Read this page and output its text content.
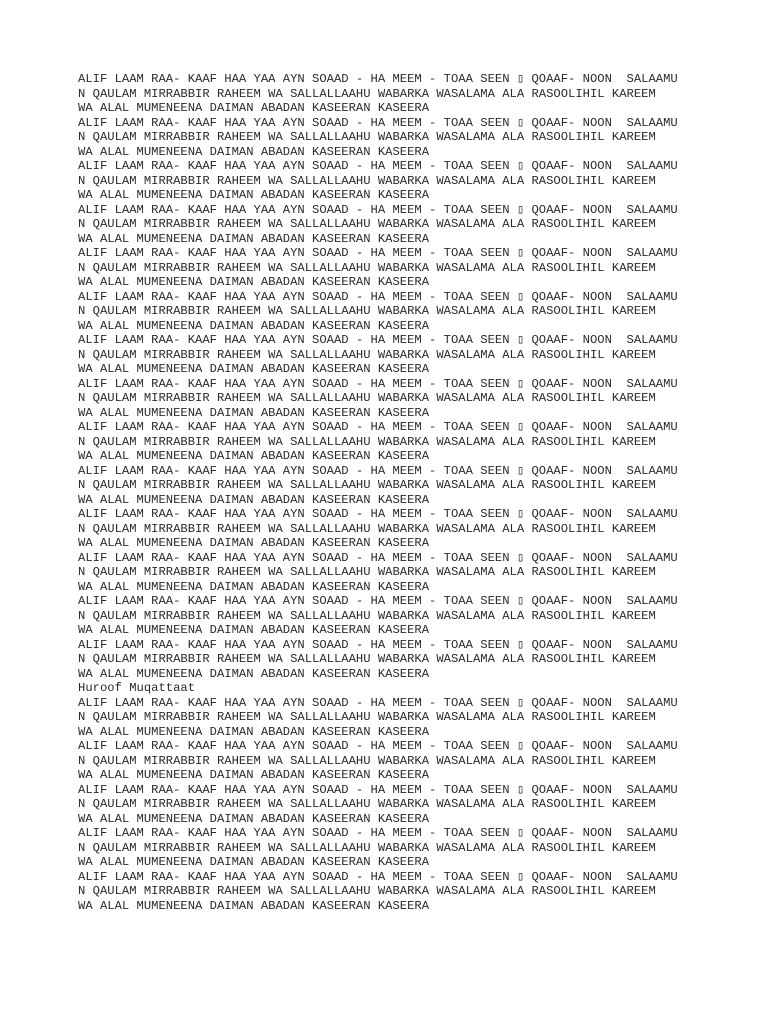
ALIF LAAM RAA- KAAF HAA YAA AYN SOAAD - HA MEEM - TOAA SEEN ▯ QOAAF- NOON  SALAAMU
N QAULAM MIRRABBIR RAHEEM WA SALLALLAAHU WABARKA WASALAMA ALA RASOOLIHIL KAREEM
WA ALAL MUMENEENA DAIMAN ABADAN KASEERAN KASEERA
ALIF LAAM RAA- KAAF HAA YAA AYN SOAAD - HA MEEM - TOAA SEEN ▯ QOAAF- NOON  SALAAMU
N QAULAM MIRRABBIR RAHEEM WA SALLALLAAHU WABARKA WASALAMA ALA RASOOLIHIL KAREEM
WA ALAL MUMENEENA DAIMAN ABADAN KASEERAN KASEERA
ALIF LAAM RAA- KAAF HAA YAA AYN SOAAD - HA MEEM - TOAA SEEN ▯ QOAAF- NOON  SALAAMU
N QAULAM MIRRABBIR RAHEEM WA SALLALLAAHU WABARKA WASALAMA ALA RASOOLIHIL KAREEM
WA ALAL MUMENEENA DAIMAN ABADAN KASEERAN KASEERA
ALIF LAAM RAA- KAAF HAA YAA AYN SOAAD - HA MEEM - TOAA SEEN ▯ QOAAF- NOON  SALAAMU
N QAULAM MIRRABBIR RAHEEM WA SALLALLAAHU WABARKA WASALAMA ALA RASOOLIHIL KAREEM
WA ALAL MUMENEENA DAIMAN ABADAN KASEERAN KASEERA
ALIF LAAM RAA- KAAF HAA YAA AYN SOAAD - HA MEEM - TOAA SEEN ▯ QOAAF- NOON  SALAAMU
N QAULAM MIRRABBIR RAHEEM WA SALLALLAAHU WABARKA WASALAMA ALA RASOOLIHIL KAREEM
WA ALAL MUMENEENA DAIMAN ABADAN KASEERAN KASEERA
ALIF LAAM RAA- KAAF HAA YAA AYN SOAAD - HA MEEM - TOAA SEEN ▯ QOAAF- NOON  SALAAMU
N QAULAM MIRRABBIR RAHEEM WA SALLALLAAHU WABARKA WASALAMA ALA RASOOLIHIL KAREEM
WA ALAL MUMENEENA DAIMAN ABADAN KASEERAN KASEERA
ALIF LAAM RAA- KAAF HAA YAA AYN SOAAD - HA MEEM - TOAA SEEN ▯ QOAAF- NOON  SALAAMU
N QAULAM MIRRABBIR RAHEEM WA SALLALLAAHU WABARKA WASALAMA ALA RASOOLIHIL KAREEM
WA ALAL MUMENEENA DAIMAN ABADAN KASEERAN KASEERA
ALIF LAAM RAA- KAAF HAA YAA AYN SOAAD - HA MEEM - TOAA SEEN ▯ QOAAF- NOON  SALAAMU
N QAULAM MIRRABBIR RAHEEM WA SALLALLAAHU WABARKA WASALAMA ALA RASOOLIHIL KAREEM
WA ALAL MUMENEENA DAIMAN ABADAN KASEERAN KASEERA
ALIF LAAM RAA- KAAF HAA YAA AYN SOAAD - HA MEEM - TOAA SEEN ▯ QOAAF- NOON  SALAAMU
N QAULAM MIRRABBIR RAHEEM WA SALLALLAAHU WABARKA WASALAMA ALA RASOOLIHIL KAREEM
WA ALAL MUMENEENA DAIMAN ABADAN KASEERAN KASEERA
ALIF LAAM RAA- KAAF HAA YAA AYN SOAAD - HA MEEM - TOAA SEEN ▯ QOAAF- NOON  SALAAMU
N QAULAM MIRRABBIR RAHEEM WA SALLALLAAHU WABARKA WASALAMA ALA RASOOLIHIL KAREEM
WA ALAL MUMENEENA DAIMAN ABADAN KASEERAN KASEERA
ALIF LAAM RAA- KAAF HAA YAA AYN SOAAD - HA MEEM - TOAA SEEN ▯ QOAAF- NOON  SALAAMU
N QAULAM MIRRABBIR RAHEEM WA SALLALLAAHU WABARKA WASALAMA ALA RASOOLIHIL KAREEM
WA ALAL MUMENEENA DAIMAN ABADAN KASEERAN KASEERA
ALIF LAAM RAA- KAAF HAA YAA AYN SOAAD - HA MEEM - TOAA SEEN ▯ QOAAF- NOON  SALAAMU
N QAULAM MIRRABBIR RAHEEM WA SALLALLAAHU WABARKA WASALAMA ALA RASOOLIHIL KAREEM
WA ALAL MUMENEENA DAIMAN ABADAN KASEERAN KASEERA
ALIF LAAM RAA- KAAF HAA YAA AYN SOAAD - HA MEEM - TOAA SEEN ▯ QOAAF- NOON  SALAAMU
N QAULAM MIRRABBIR RAHEEM WA SALLALLAAHU WABARKA WASALAMA ALA RASOOLIHIL KAREEM
WA ALAL MUMENEENA DAIMAN ABADAN KASEERAN KASEERA
ALIF LAAM RAA- KAAF HAA YAA AYN SOAAD - HA MEEM - TOAA SEEN ▯ QOAAF- NOON  SALAAMU
N QAULAM MIRRABBIR RAHEEM WA SALLALLAAHU WABARKA WASALAMA ALA RASOOLIHIL KAREEM
WA ALAL MUMENEENA DAIMAN ABADAN KASEERAN KASEERA
Huroof Muqattaat
ALIF LAAM RAA- KAAF HAA YAA AYN SOAAD - HA MEEM - TOAA SEEN ▯ QOAAF- NOON  SALAAMU
N QAULAM MIRRABBIR RAHEEM WA SALLALLAAHU WABARKA WASALAMA ALA RASOOLIHIL KAREEM
WA ALAL MUMENEENA DAIMAN ABADAN KASEERAN KASEERA
ALIF LAAM RAA- KAAF HAA YAA AYN SOAAD - HA MEEM - TOAA SEEN ▯ QOAAF- NOON  SALAAMU
N QAULAM MIRRABBIR RAHEEM WA SALLALLAAHU WABARKA WASALAMA ALA RASOOLIHIL KAREEM
WA ALAL MUMENEENA DAIMAN ABADAN KASEERAN KASEERA
ALIF LAAM RAA- KAAF HAA YAA AYN SOAAD - HA MEEM - TOAA SEEN ▯ QOAAF- NOON  SALAAMU
N QAULAM MIRRABBIR RAHEEM WA SALLALLAAHU WABARKA WASALAMA ALA RASOOLIHIL KAREEM
WA ALAL MUMENEENA DAIMAN ABADAN KASEERAN KASEERA
ALIF LAAM RAA- KAAF HAA YAA AYN SOAAD - HA MEEM - TOAA SEEN ▯ QOAAF- NOON  SALAAMU
N QAULAM MIRRABBIR RAHEEM WA SALLALLAAHU WABARKA WASALAMA ALA RASOOLIHIL KAREEM
WA ALAL MUMENEENA DAIMAN ABADAN KASEERAN KASEERA
ALIF LAAM RAA- KAAF HAA YAA AYN SOAAD - HA MEEM - TOAA SEEN ▯ QOAAF- NOON  SALAAMU
N QAULAM MIRRABBIR RAHEEM WA SALLALLAAHU WABARKA WASALAMA ALA RASOOLIHIL KAREEM
WA ALAL MUMENEENA DAIMAN ABADAN KASEERAN KASEERA
